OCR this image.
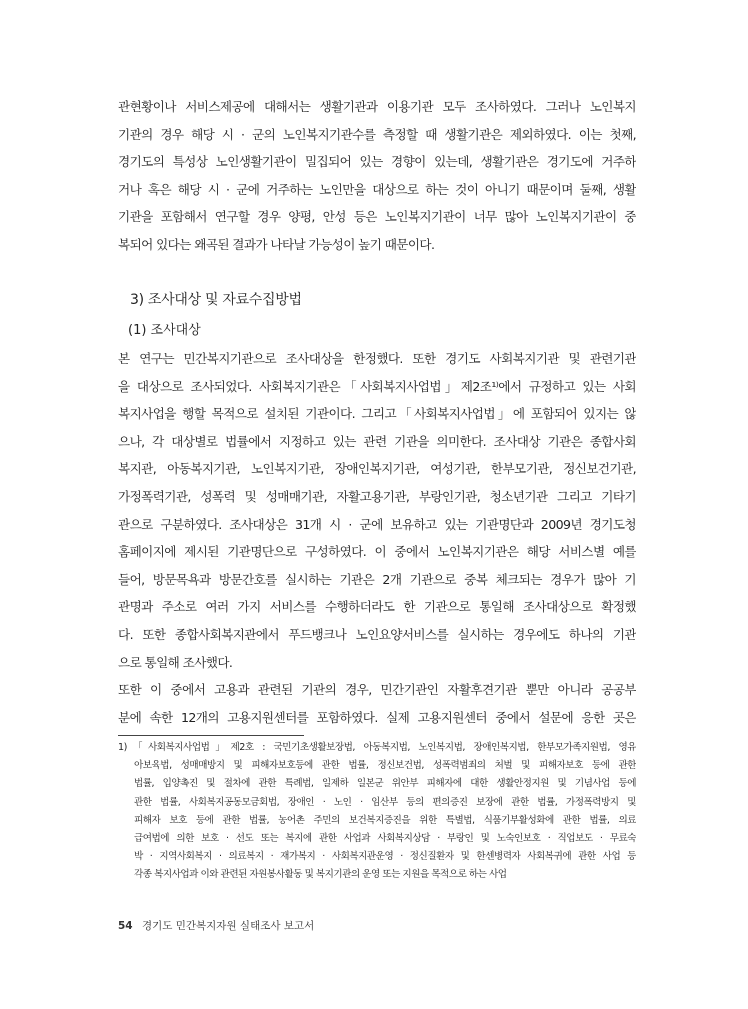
관현황이나 서비스제공에 대해서는 생활기관과 이용기관 모두 조사하였다. 그러나 노인복지
기관의 경우 해당 시 · 군의 노인복지기관수를 측정할 때 생활기관은 제외하였다. 이는 첫째,
경기도의 특성상 노인생활기관이 밀집되어 있는 경향이 있는데, 생활기관은 경기도에 거주하
거나 혹은 해당 시 · 군에 거주하는 노인만을 대상으로 하는 것이 아니기 때문이며 둘째, 생활
기관을 포함해서 연구할 경우 양평, 안성 등은 노인복지기관이 너무 많아 노인복지기관이 중
복되어 있다는 왜곡된 결과가 나타날 가능성이 높기 때문이다.
3) 조사대상 및 자료수집방법
(1) 조사대상
본 연구는 민간복지기관으로 조사대상을 한정했다. 또한 경기도 사회복지기관 및 관련기관
을 대상으로 조사되었다. 사회복지기관은「사회복지사업법」제2조¹⁾에서 규정하고 있는 사회
복지사업을 행할 목적으로 설치된 기관이다. 그리고「사회복지사업법」에 포함되어 있지는 않
으나, 각 대상별로 법률에서 지정하고 있는 관련 기관을 의미한다. 조사대상 기관은 종합사회
복지관, 아동복지기관, 노인복지기관, 장애인복지기관, 여성기관, 한부모기관, 정신보건기관,
가정폭력기관, 성폭력 및 성매매기관, 자활고용기관, 부랑인기관, 청소년기관 그리고 기타기
관으로 구분하였다. 조사대상은 31개 시 · 군에 보유하고 있는 기관명단과 2009년 경기도청
홈페이지에 제시된 기관명단으로 구성하였다. 이 중에서 노인복지기관은 해당 서비스별 예를
들어, 방문목욕과 방문간호를 실시하는 기관은 2개 기관으로 중복 체크되는 경우가 많아 기
관명과 주소로 여러 가지 서비스를 수행하더라도 한 기관으로 통일해 조사대상으로 확정했
다. 또한 종합사회복지관에서 푸드뱅크나 노인요양서비스를 실시하는 경우에도 하나의 기관
으로 통일해 조사했다.
또한 이 중에서 고용과 관련된 기관의 경우, 민간기관인 자활후견기관 뿐만 아니라 공공부
분에 속한 12개의 고용지원센터를 포함하였다. 실제 고용지원센터 중에서 설문에 응한 곳은
1)「사회복지사업법」제2호 : 국민기초생활보장법, 아동복지법, 노인복지법, 장애인복지법, 한부모가족지원법, 영유
아보육법, 성매매방지 및 피해자보호등에 관한 법률, 정신보건법, 성폭력범죄의 처벌 및 피해자보호 등에 관한
법률, 입양촉진 및 절차에 관한 특례법, 일제하 일본군 위안부 피해자에 대한 생활안정지원 및 기념사업 등에
관한 법률, 사회복지공동모금회법, 장애인 · 노인 · 임산부 등의 편의증진 보장에 관한 법률, 가정폭력방지 및
피해자 보호 등에 관한 법률, 농어촌 주민의 보건복지증진을 위한 특별법, 식품기부활성화에 관한 법률, 의료
급여법에 의한 보호 · 선도 또는 복지에 관한 사업과 사회복지상담 · 부랑인 및 노숙인보호 · 직업보도 · 무료숙
박 · 지역사회복지 · 의료복지 · 재가복지 · 사회복지관운영 · 정신질환자 및 한센병력자 사회복귀에 관한 사업 등
각종 복지사업과 이와 관련된 자원봉사활동 및 복지기관의 운영 또는 지원을 목적으로 하는 사업
54 경기도 민간복지자원 실태조사 보고서
